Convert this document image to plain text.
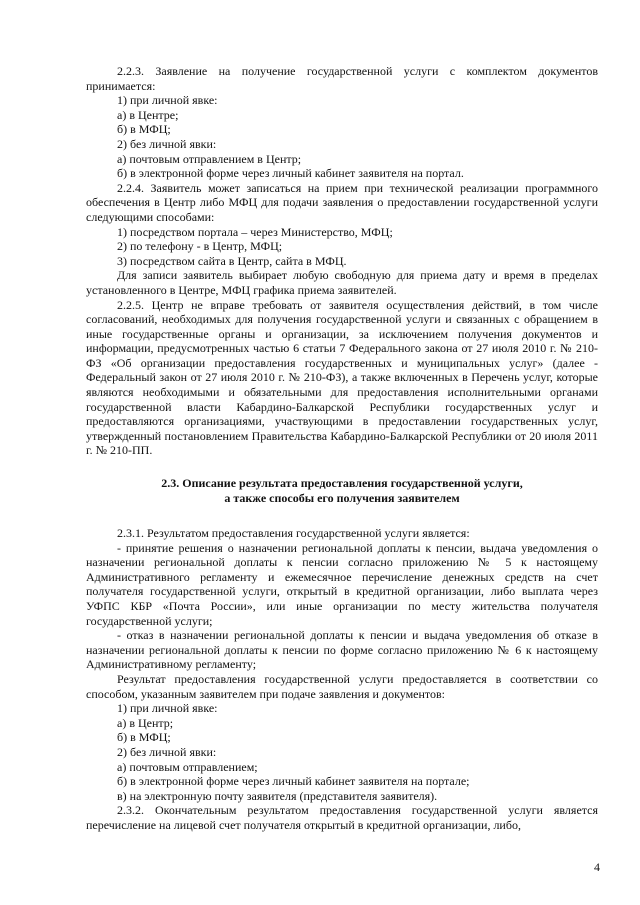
2.2.3. Заявление на получение государственной услуги с комплектом документов принимается:

1) при личной явке:

а) в Центре;

б) в МФЦ;

2) без личной явки:

а) почтовым отправлением в Центр;

б) в электронной форме через личный кабинет заявителя на портал.

2.2.4. Заявитель может записаться на прием при технической реализации программного обеспечения в Центр либо МФЦ для подачи заявления о предоставлении государственной услуги следующими способами:

1) посредством портала – через Министерство, МФЦ;

2) по телефону - в Центр, МФЦ;

3) посредством сайта в Центр, сайта в МФЦ.

Для записи заявитель выбирает любую свободную для приема дату и время в пределах установленного в Центре, МФЦ графика приема заявителей.

2.2.5. Центр не вправе требовать от заявителя осуществления действий, в том числе согласований, необходимых для получения государственной услуги и связанных с обращением в иные государственные органы и организации, за исключением получения документов и информации, предусмотренных частью 6 статьи 7 Федерального закона от 27 июля 2010 г. № 210-ФЗ «Об организации предоставления государственных и муниципальных услуг» (далее - Федеральный закон от 27 июля 2010 г. № 210-ФЗ), а также включенных в Перечень услуг, которые являются необходимыми и обязательными для предоставления исполнительными органами государственной власти Кабардино-Балкарской Республики государственных услуг и предоставляются организациями, участвующими в предоставлении государственных услуг, утвержденный постановлением Правительства Кабардино-Балкарской Республики от 20 июля 2011 г. № 210-ПП.

2.3. Описание результата предоставления государственной услуги,
а также способы его получения заявителем

2.3.1. Результатом предоставления государственной услуги является:

- принятие решения о назначении региональной доплаты к пенсии, выдача уведомления о назначении региональной доплаты к пенсии согласно приложению № 5 к настоящему Административного регламенту и ежемесячное перечисление денежных средств на счет получателя государственной услуги, открытый в кредитной организации, либо выплата через УФПС КБР «Почта России», или иные организации по месту жительства получателя государственной услуги;

- отказ в назначении региональной доплаты к пенсии и выдача уведомления об отказе в назначении региональной доплаты к пенсии по форме согласно приложению № 6 к настоящему Административному регламенту;

Результат предоставления государственной услуги предоставляется в соответствии со способом, указанным заявителем при подаче заявления и документов:

1) при личной явке:

а) в Центр;

б) в МФЦ;

2) без личной явки:

а) почтовым отправлением;

б) в электронной форме через личный кабинет заявителя на портале;

в) на электронную почту заявителя (представителя заявителя).

2.3.2. Окончательным результатом предоставления государственной услуги является перечисление на лицевой счет получателя открытый в кредитной организации, либо,

4
